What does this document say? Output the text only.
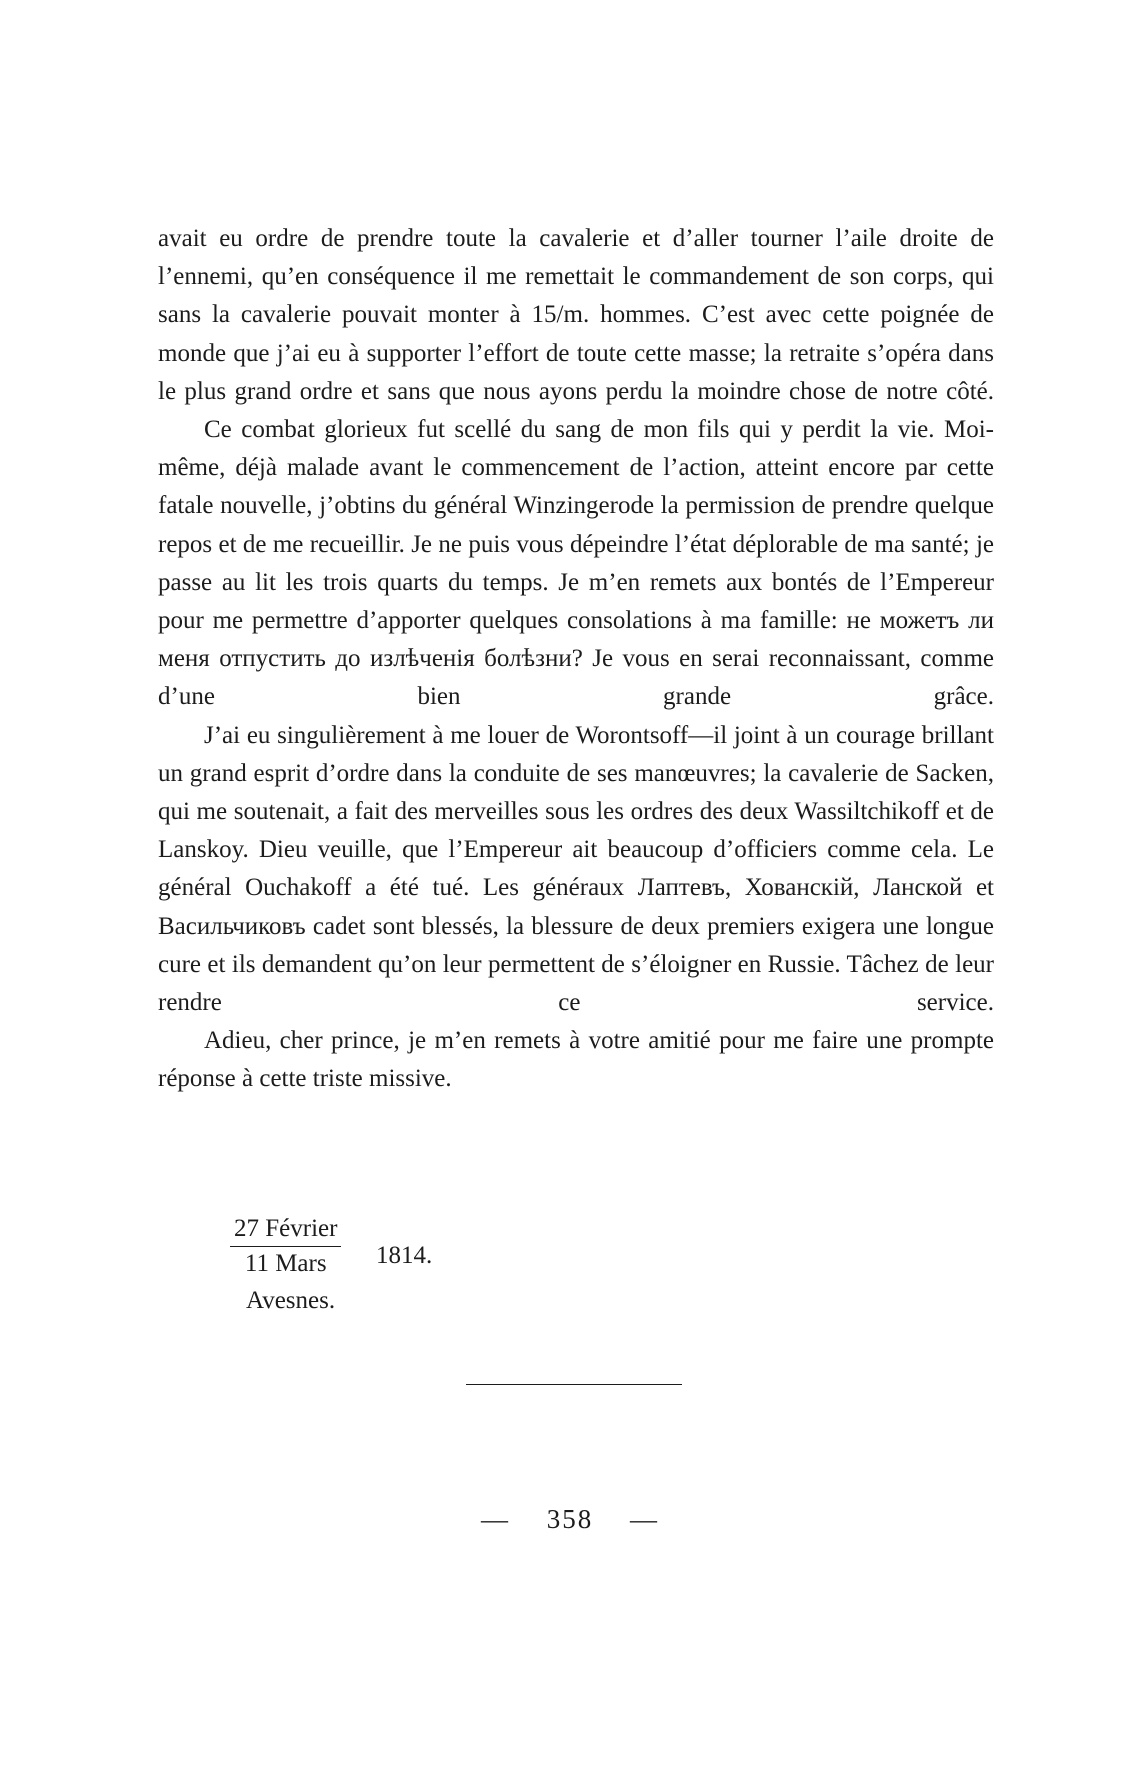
avait eu ordre de prendre toute la cavalerie et d’aller tourner l’aile droite de l’ennemi, qu’en conséquence il me remettait le commandement de son corps, qui sans la cavalerie pouvait monter à 15/m. hommes. C’est avec cette poignée de monde que j’ai eu à supporter l’effort de toute cette masse; la retraite s’opéra dans le plus grand ordre et sans que nous ayons perdu la moindre chose de notre côté.

Ce combat glorieux fut scellé du sang de mon fils qui y perdit la vie. Moi-même, déjà malade avant le commencement de l’action, atteint encore par cette fatale nouvelle, j’obtins du général Winzingerode la permission de prendre quelque repos et de me recueillir. Je ne puis vous dépeindre l’état déplorable de ma santé; je passe au lit les trois quarts du temps. Je m’en remets aux bontés de l’Empereur pour me permettre d’apporter quelques consolations à ma famille: не можетъ ли меня отпустить до излѣченія болѣзни? Je vous en serai reconnaissant, comme d’une bien grande grâce.

J’ai eu singulièrement à me louer de Worontsoff—il joint à un courage brillant un grand esprit d’ordre dans la conduite de ses manœuvres; la cavalerie de Sacken, qui me soutenait, a fait des merveilles sous les ordres des deux Wassiltchikoff et de Lanskoy. Dieu veuille, que l’Empereur ait beaucoup d’officiers comme cela. Le général Ouchakoff a été tué. Les généraux Лаптевъ, Хованскій, Ланской et Васильчиковъ cadet sont blessés, la blessure de deux premiers exigera une longue cure et ils demandent qu’on leur permettent de s’éloigner en Russie. Tâchez de leur rendre ce service.

Adieu, cher prince, je m’en remets à votre amitié pour me faire une prompte réponse à cette triste missive.

$\frac{\text{27 Février}}{\text{11 Mars}} 1814$.
Avesnes.
— 358 —
